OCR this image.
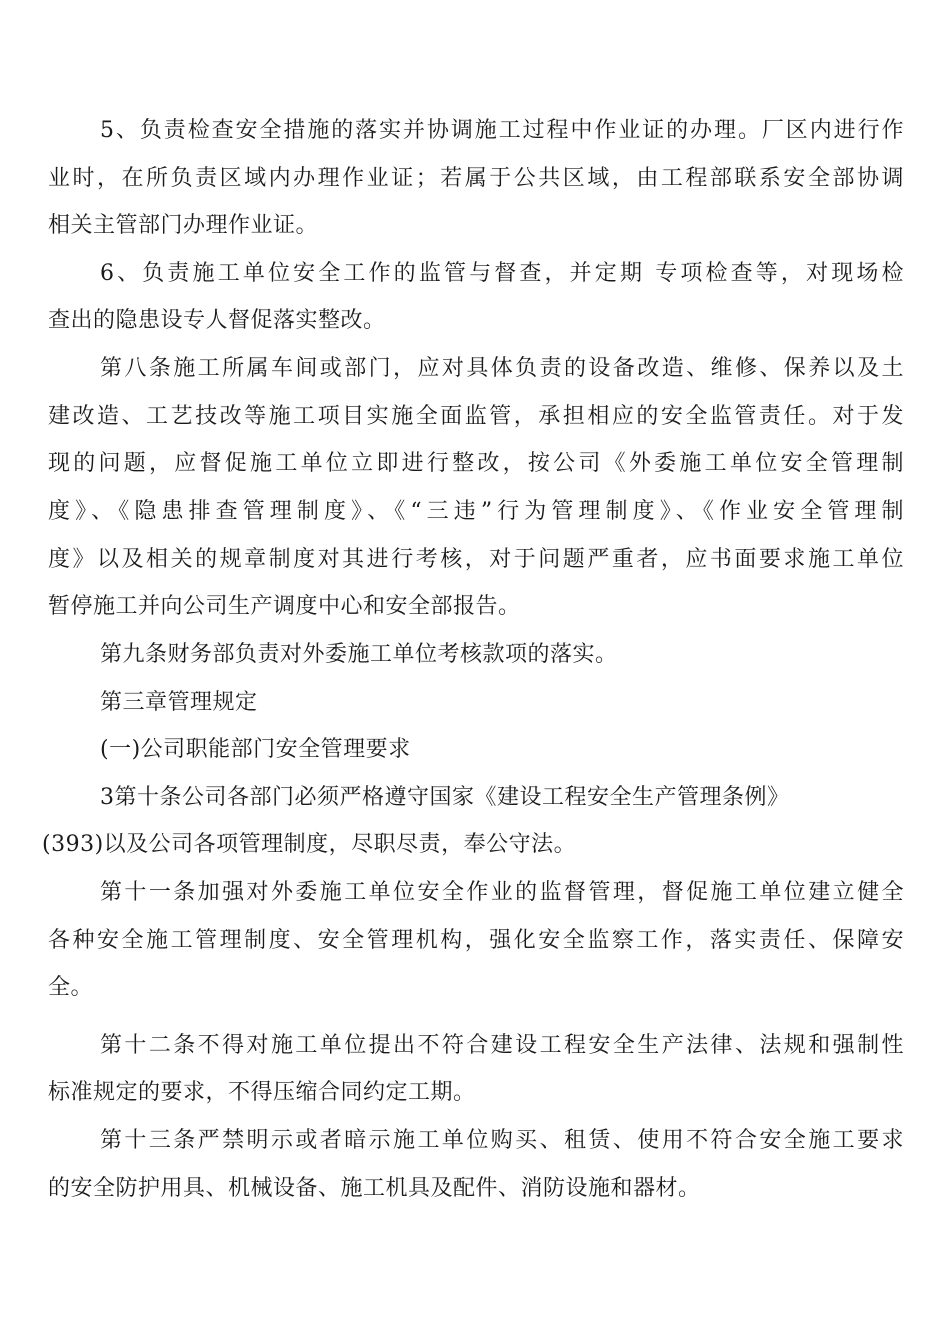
5、负责检查安全措施的落实并协调施工过程中作业证的办理。厂区内进行作
业时，在所负责区域内办理作业证；若属于公共区域，由工程部联系安全部协调
相关主管部门办理作业证。
6、负责施工单位安全工作的监管与督查，并定期 专项检查等，对现场检
查出的隐患设专人督促落实整改。
第八条施工所属车间或部门，应对具体负责的设备改造、维修、保养以及土
建改造、工艺技改等施工项目实施全面监管，承担相应的安全监管责任。对于发
现的问题，应督促施工单位立即进行整改，按公司《外委施工单位安全管理制
度》、《隐患排查管理制度》、《“三违”行为管理制度》、《作业安全管理制
度》以及相关的规章制度对其进行考核，对于问题严重者，应书面要求施工单位
暂停施工并向公司生产调度中心和安全部报告。
第九条财务部负责对外委施工单位考核款项的落实。
第三章管理规定
(一)公司职能部门安全管理要求
3第十条公司各部门必须严格遵守国家《建设工程安全生产管理条例》
(393)以及公司各项管理制度，尽职尽责，奉公守法。
第十一条加强对外委施工单位安全作业的监督管理，督促施工单位建立健全
各种安全施工管理制度、安全管理机构，强化安全监察工作，落实责任、保障安
全。
第十二条不得对施工单位提出不符合建设工程安全生产法律、法规和强制性
标准规定的要求，不得压缩合同约定工期。
第十三条严禁明示或者暗示施工单位购买、租赁、使用不符合安全施工要求
的安全防护用具、机械设备、施工机具及配件、消防设施和器材。
